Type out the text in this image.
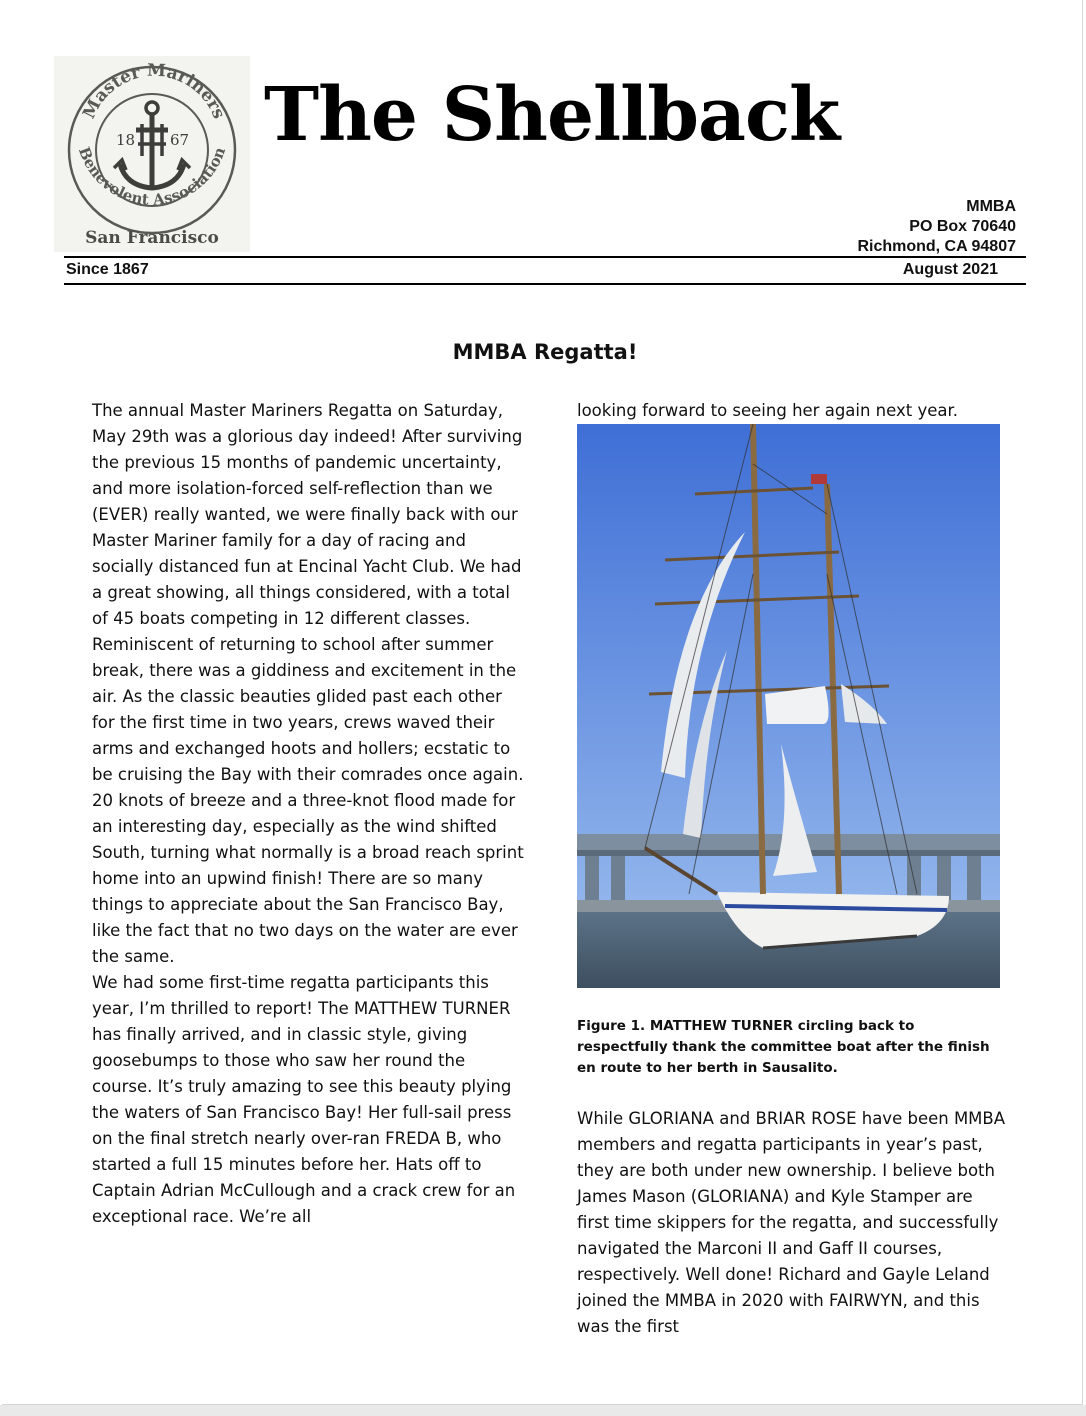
Master Mariners
Benevolent Association
18 67
San Francisco
The Shellback
MMBA
PO Box 70640
Richmond, CA 94807
Since 1867	August 2021
MMBA Regatta!

The annual Master Mariners Regatta on Saturday, May 29th was a glorious day indeed! After surviving the previous 15 months of pandemic uncertainty, and more isolation-forced self-reflection than we (EVER) really wanted, we were finally back with our Master Mariner family for a day of racing and socially distanced fun at Encinal Yacht Club. We had a great showing, all things considered, with a total of 45 boats competing in 12 different classes. Reminiscent of returning to school after summer break, there was a giddiness and excitement in the air. As the classic beauties glided past each other for the first time in two years, crews waved their arms and exchanged hoots and hollers; ecstatic to be cruising the Bay with their comrades once again.

20 knots of breeze and a three-knot flood made for an interesting day, especially as the wind shifted South, turning what normally is a broad reach sprint home into an upwind finish! There are so many things to appreciate about the San Francisco Bay, like the fact that no two days on the water are ever the same.

We had some first-time regatta participants this year, I’m thrilled to report! The MATTHEW TURNER has finally arrived, and in classic style, giving goosebumps to those who saw her round the course. It’s truly amazing to see this beauty plying the waters of San Francisco Bay! Her full-sail press on the final stretch nearly over-ran FREDA B, who started a full 15 minutes before her. Hats off to Captain Adrian McCullough and a crack crew for an exceptional race. We’re all

looking forward to seeing her again next year.

Figure 1. MATTHEW TURNER circling back to respectfully thank the committee boat after the finish en route to her berth in Sausalito.

While GLORIANA and BRIAR ROSE have been MMBA members and regatta participants in year’s past, they are both under new ownership. I believe both James Mason (GLORIANA) and Kyle Stamper are first time skippers for the regatta, and successfully navigated the Marconi II and Gaff II courses, respectively. Well done! Richard and Gayle Leland joined the MMBA in 2020 with FAIRWYN, and this was the first
